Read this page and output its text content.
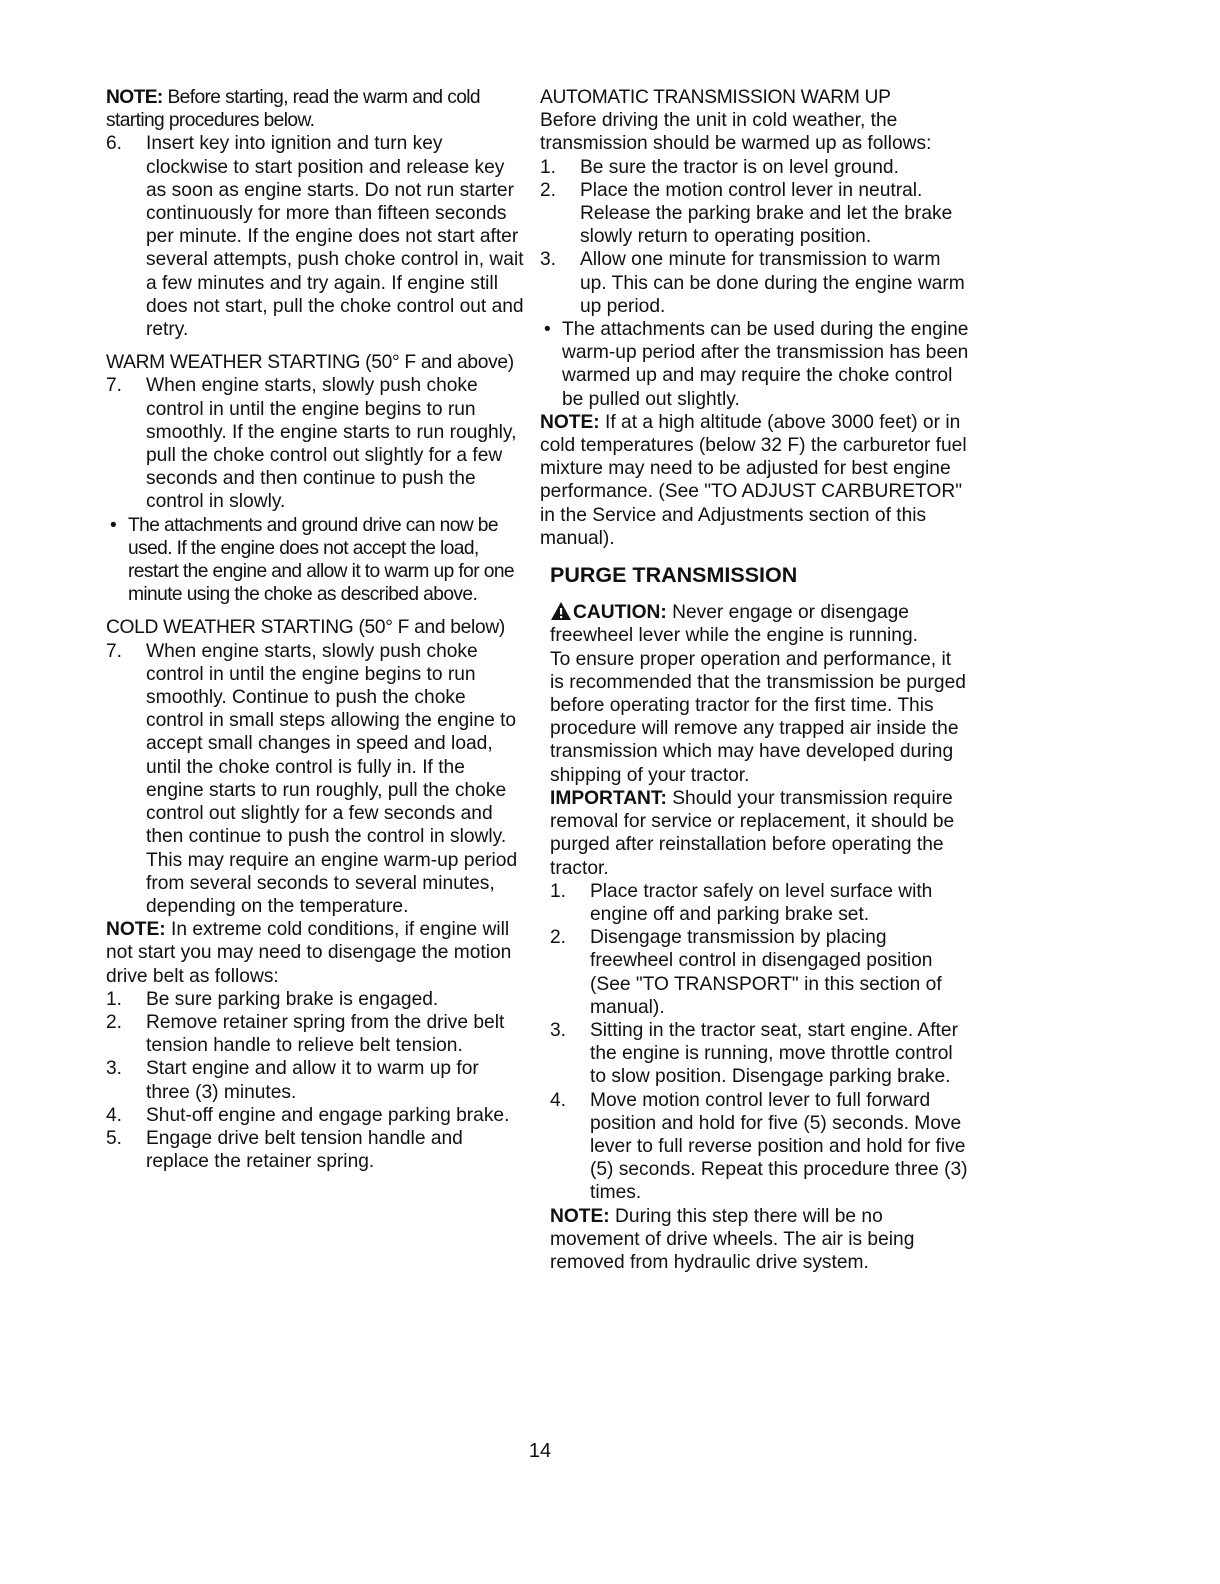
NOTE: Before starting, read the warm and cold starting procedures below.

6.	Insert key into ignition and turn key clockwise to start position and release key as soon as engine starts. Do not run starter continuously for more than fifteen seconds per minute. If the engine does not start after several attempts, push choke control in, wait a few minutes and try again. If engine still does not start, pull the choke control out and retry.

WARM WEATHER STARTING (50° F and above)

7.	When engine starts, slowly push choke control in until the engine begins to run smoothly. If the engine starts to run roughly, pull the choke control out slightly for a few seconds and then continue to push the control in slowly.
• The attachments and ground drive can now be used. If the engine does not accept the load, restart the engine and allow it to warm up for one minute using the choke as described above.

COLD WEATHER STARTING (50° F and below)

7.	When engine starts, slowly push choke control in until the engine begins to run smoothly. Continue to push the choke control in small steps allowing the engine to accept small changes in speed and load, until the choke control is fully in. If the engine starts to run roughly, pull the choke control out slightly for a few seconds and then continue to push the control in slowly. This may require an engine warm-up period from several seconds to several minutes, depending on the temperature.

NOTE: In extreme cold conditions, if engine will not start you may need to disengage the motion drive belt as follows:

1.	Be sure parking brake is engaged.
2.	Remove retainer spring from the drive belt tension handle to relieve belt tension.
3.	Start engine and allow it to warm up for three (3) minutes.
4.	Shut-off engine and engage parking brake.
5.	Engage drive belt tension handle and replace the retainer spring.

AUTOMATIC TRANSMISSION WARM UP

Before driving the unit in cold weather, the transmission should be warmed up as follows:

1.	Be sure the tractor is on level ground.
2.	Place the motion control lever in neutral. Release the parking brake and let the brake slowly return to operating position.
3.	Allow one minute for transmission to warm up. This can be done during the engine warm up period.
• The attachments can be used during the engine warm-up period after the transmission has been warmed up and may require the choke control be pulled out slightly.

NOTE: If at a high altitude (above 3000 feet) or in cold temperatures (below 32 F) the carburetor fuel mixture may need to be adjusted for best engine performance. (See "TO ADJUST CARBURETOR" in the Service and Adjustments section of this manual).

PURGE TRANSMISSION

CAUTION: Never engage or disengage freewheel lever while the engine is running.

To ensure proper operation and performance, it is recommended that the transmission be purged before operating tractor for the first time. This procedure will remove any trapped air inside the transmission which may have developed during shipping of your tractor.

IMPORTANT: Should your transmission require removal for service or replacement, it should be purged after reinstallation before operating the tractor.

1.	Place tractor safely on level surface with engine off and parking brake set.
2.	Disengage transmission by placing freewheel control in disengaged position (See "TO TRANSPORT" in this section of manual).
3.	Sitting in the tractor seat, start engine. After the engine is running, move throttle control to slow position. Disengage parking brake.
4.	Move motion control lever to full forward position and hold for five (5) seconds. Move lever to full reverse position and hold for five (5) seconds. Repeat this procedure three (3) times.

NOTE: During this step there will be no movement of drive wheels. The air is being removed from hydraulic drive system.

14
